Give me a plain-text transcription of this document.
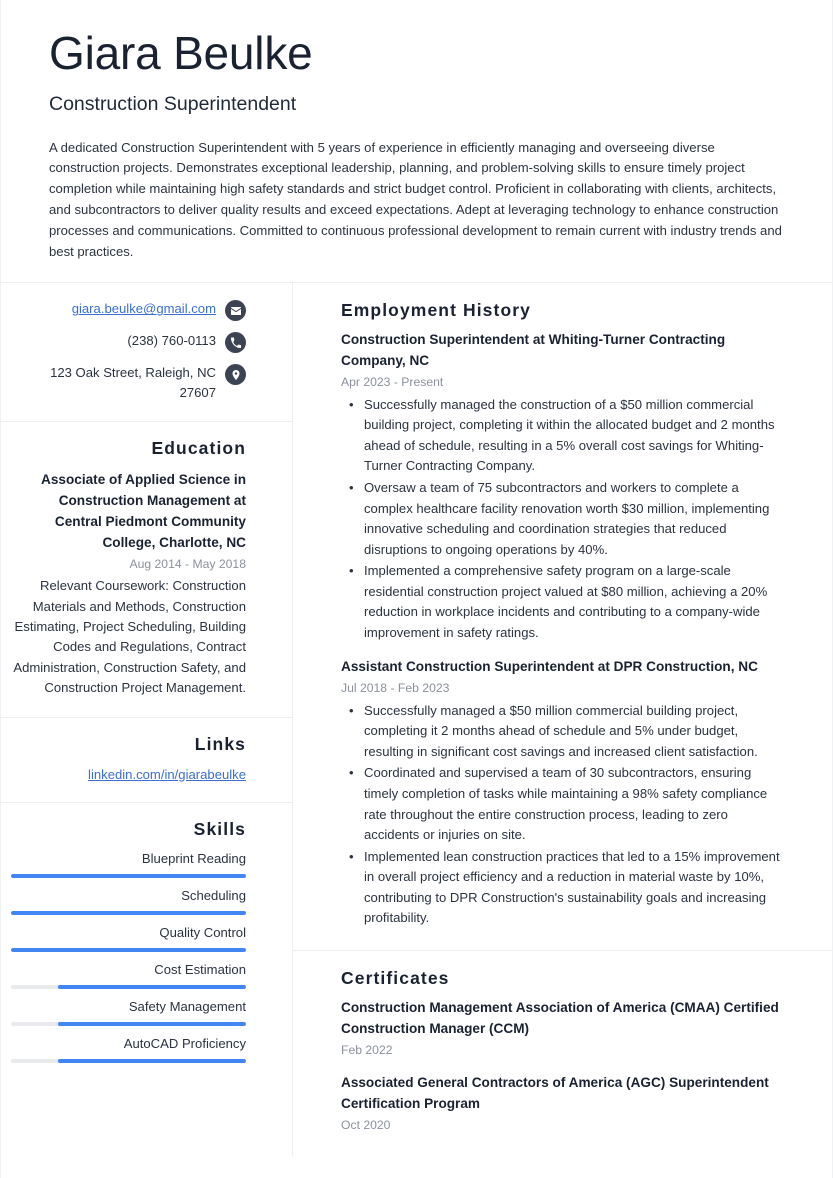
Giara Beulke
Construction Superintendent
A dedicated Construction Superintendent with 5 years of experience in efficiently managing and overseeing diverse construction projects. Demonstrates exceptional leadership, planning, and problem-solving skills to ensure timely project completion while maintaining high safety standards and strict budget control. Proficient in collaborating with clients, architects, and subcontractors to deliver quality results and exceed expectations. Adept at leveraging technology to enhance construction processes and communications. Committed to continuous professional development to remain current with industry trends and best practices.
giara.beulke@gmail.com
(238) 760-0113
123 Oak Street, Raleigh, NC 27607
Education
Associate of Applied Science in Construction Management at Central Piedmont Community College, Charlotte, NC
Aug 2014 - May 2018
Relevant Coursework: Construction Materials and Methods, Construction Estimating, Project Scheduling, Building Codes and Regulations, Contract Administration, Construction Safety, and Construction Project Management.
Links
linkedin.com/in/giarabeulke
Skills
Blueprint Reading
Scheduling
Quality Control
Cost Estimation
Safety Management
AutoCAD Proficiency
Employment History
Construction Superintendent at Whiting-Turner Contracting Company, NC
Apr 2023 - Present
• Successfully managed the construction of a $50 million commercial building project, completing it within the allocated budget and 2 months ahead of schedule, resulting in a 5% overall cost savings for Whiting-Turner Contracting Company.
• Oversaw a team of 75 subcontractors and workers to complete a complex healthcare facility renovation worth $30 million, implementing innovative scheduling and coordination strategies that reduced disruptions to ongoing operations by 40%.
• Implemented a comprehensive safety program on a large-scale residential construction project valued at $80 million, achieving a 20% reduction in workplace incidents and contributing to a company-wide improvement in safety ratings.
Assistant Construction Superintendent at DPR Construction, NC
Jul 2018 - Feb 2023
• Successfully managed a $50 million commercial building project, completing it 2 months ahead of schedule and 5% under budget, resulting in significant cost savings and increased client satisfaction.
• Coordinated and supervised a team of 30 subcontractors, ensuring timely completion of tasks while maintaining a 98% safety compliance rate throughout the entire construction process, leading to zero accidents or injuries on site.
• Implemented lean construction practices that led to a 15% improvement in overall project efficiency and a reduction in material waste by 10%, contributing to DPR Construction's sustainability goals and increasing profitability.
Certificates
Construction Management Association of America (CMAA) Certified Construction Manager (CCM)
Feb 2022
Associated General Contractors of America (AGC) Superintendent Certification Program
Oct 2020
